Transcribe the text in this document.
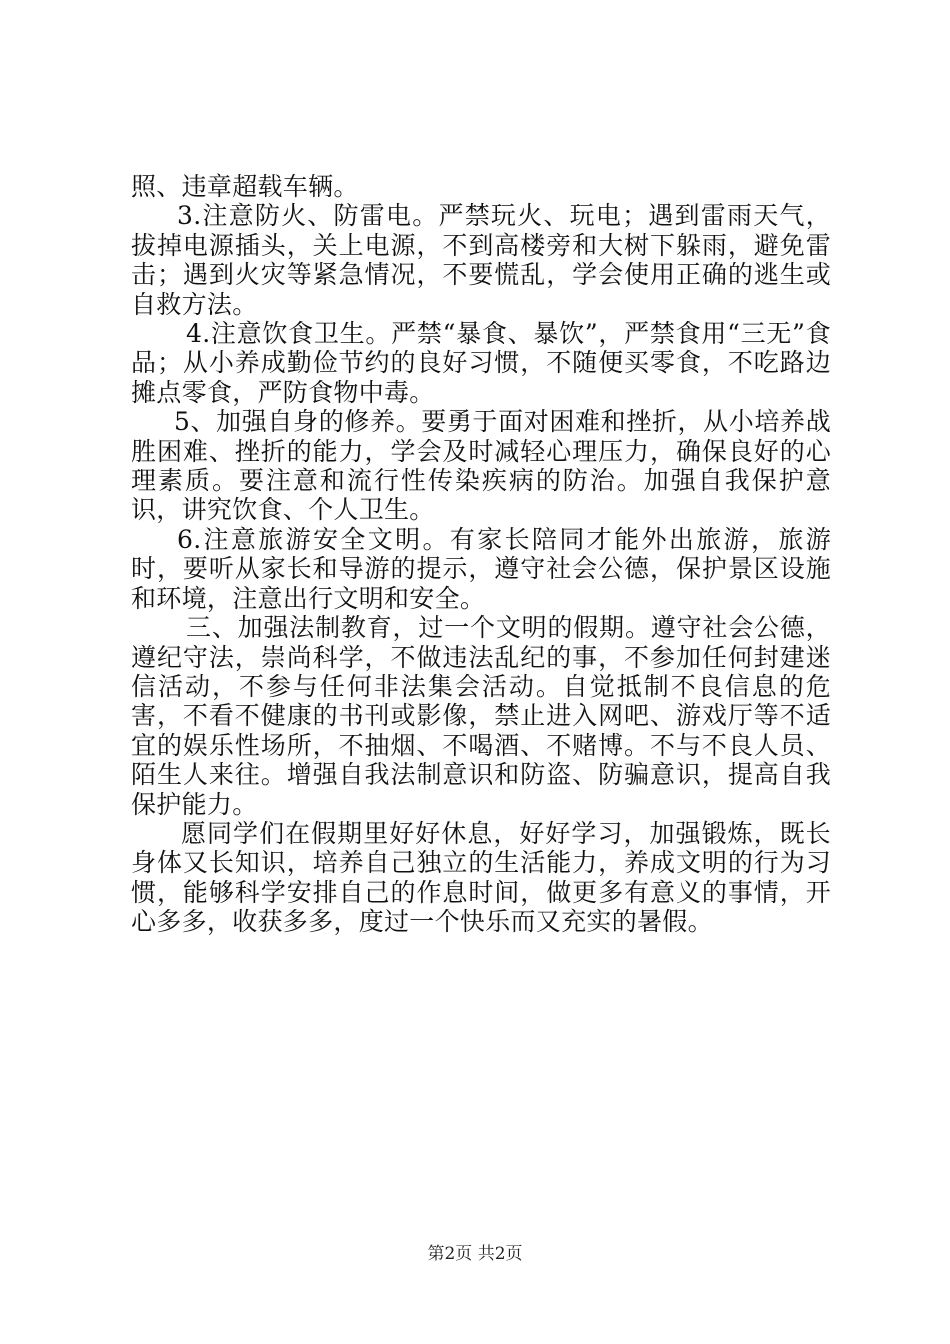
照、违章超载车辆。

3.注意防火、防雷电。严禁玩火、玩电；遇到雷雨天气，拔掉电源插头，关上电源，不到高楼旁和大树下躲雨，避免雷击；遇到火灾等紧急情况，不要慌乱，学会使用正确的逃生或自救方法。

4.注意饮食卫生。严禁“暴食、暴饮”，严禁食用“三无”食品；从小养成勤俭节约的良好习惯，不随便买零食，不吃路边摊点零食，严防食物中毒。

5、加强自身的修养。要勇于面对困难和挫折，从小培养战胜困难、挫折的能力，学会及时减轻心理压力，确保良好的心理素质。要注意和流行性传染疾病的防治。加强自我保护意识，讲究饮食、个人卫生。

6.注意旅游安全文明。有家长陪同才能外出旅游，旅游时，要听从家长和导游的提示，遵守社会公德，保护景区设施和环境，注意出行文明和安全。

三、加强法制教育，过一个文明的假期。遵守社会公德，遵纪守法，崇尚科学，不做违法乱纪的事，不参加任何封建迷信活动，不参与任何非法集会活动。自觉抵制不良信息的危害，不看不健康的书刊或影像，禁止进入网吧、游戏厅等不适宜的娱乐性场所，不抽烟、不喝酒、不赌博。不与不良人员、陌生人来往。增强自我法制意识和防盗、防骗意识，提高自我保护能力。

愿同学们在假期里好好休息，好好学习，加强锻炼，既长身体又长知识，培养自己独立的生活能力，养成文明的行为习惯，能够科学安排自己的作息时间，做更多有意义的事情，开心多多，收获多多，度过一个快乐而又充实的暑假。

第2页 共2页
